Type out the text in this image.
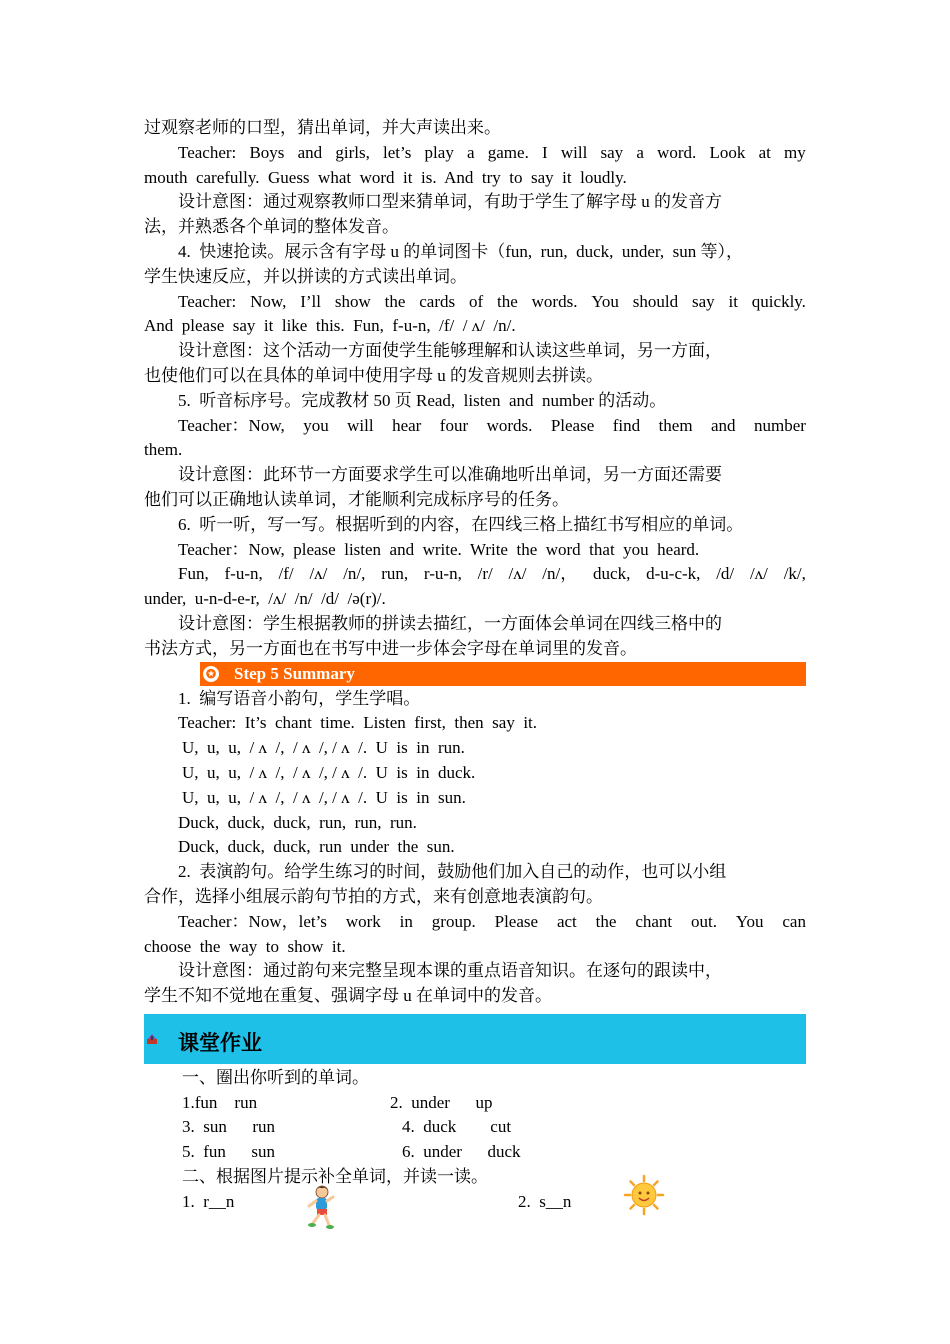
过观察老师的口型，猜出单词，并大声读出来。
Teacher: Boys and girls, let’s play a game. I will say a word. Look at my
mouth  carefully.  Guess  what  word  it  is.  And  try  to  say  it  loudly.
设计意图：通过观察教师口型来猜单词，有助于学生了解字母 u 的发音方
法，并熟悉各个单词的整体发音。
4.  快速抢读。展示含有字母 u 的单词图卡（fun,  run,  duck,  under,  sun 等），
学生快速反应，并以拼读的方式读出单词。
Teacher: Now, I’ll show the cards of the words. You should say it quickly.
And  please  say  it  like  this.  Fun,  f-u-n,  /f/  / ʌ/  /n/.
设计意图：这个活动一方面使学生能够理解和认读这些单词，另一方面，
也使他们可以在具体的单词中使用字母 u 的发音规则去拼读。
5.  听音标序号。完成教材 50 页 Read,  listen  and  number 的活动。
Teacher：Now, you will hear four words. Please find them and number
them.
设计意图：此环节一方面要求学生可以准确地听出单词，另一方面还需要
他们可以正确地认读单词，才能顺利完成标序号的任务。
6.  听一听，写一写。根据听到的内容，在四线三格上描红书写相应的单词。
Teacher：Now,  please  listen  and  write.  Write  the  word  that  you  heard.
Fun, f-u-n, /f/ /ʌ/ /n/, run, r-u-n, /r/ /ʌ/ /n/， duck, d-u-c-k, /d/ /ʌ/ /k/,
under,  u-n-d-e-r,  /ʌ/  /n/  /d/  /ə(r)/.
设计意图：学生根据教师的拼读去描红，一方面体会单词在四线三格中的
书法方式，另一方面也在书写中进一步体会字母在单词里的发音。
✪ Step 5 Summary
1.  编写语音小韵句，学生学唱。
Teacher:  It’s  chant  time.  Listen  first,  then  say  it.
U,  u,  u,  / ʌ  /,  / ʌ  /, / ʌ  /.  U  is  in  run.
U,  u,  u,  / ʌ  /,  / ʌ  /, / ʌ  /.  U  is  in  duck.
U,  u,  u,  / ʌ  /,  / ʌ  /, / ʌ  /.  U  is  in  sun.
Duck,  duck,  duck,  run,  run,  run.
Duck,  duck,  duck,  run  under  the  sun.
2.  表演韵句。给学生练习的时间，鼓励他们加入自己的动作，也可以小组
合作，选择小组展示韵句节拍的方式，来有创意地表演韵句。
Teacher：Now，let’s work in group. Please act the chant out. You can
choose  the  way  to  show  it.
设计意图：通过韵句来完整呈现本课的重点语音知识。在逐句的跟读中，
学生不知不觉地在重复、强调字母 u 在单词中的发音。
课堂作业
一、圈出你听到的单词。
1.fun    run	2.  under      up
3.  sun      run	4.  duck        cut
5.  fun      sun	6.  under      duck
二、根据图片提示补全单词，并读一读。
1.  r__n	2.  s__n
